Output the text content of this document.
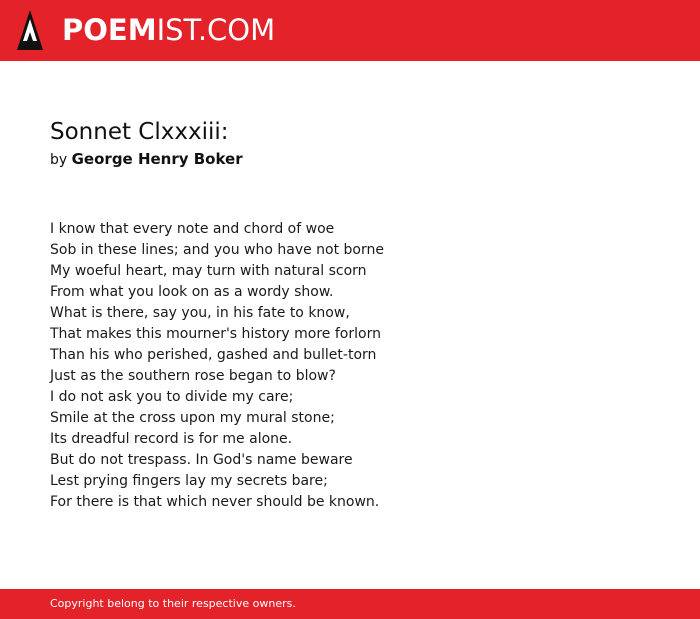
POEMIST.COM
Sonnet Clxxxiii:
by George Henry Boker
I know that every note and chord of woe
Sob in these lines; and you who have not borne
My woeful heart, may turn with natural scorn
From what you look on as a wordy show.
What is there, say you, in his fate to know,
That makes this mourner's history more forlorn
Than his who perished, gashed and bullet-torn
Just as the southern rose began to blow?
I do not ask you to divide my care;
Smile at the cross upon my mural stone;
Its dreadful record is for me alone.
But do not trespass. In God's name beware
Lest prying fingers lay my secrets bare;
For there is that which never should be known.
Copyright belong to their respective owners.
